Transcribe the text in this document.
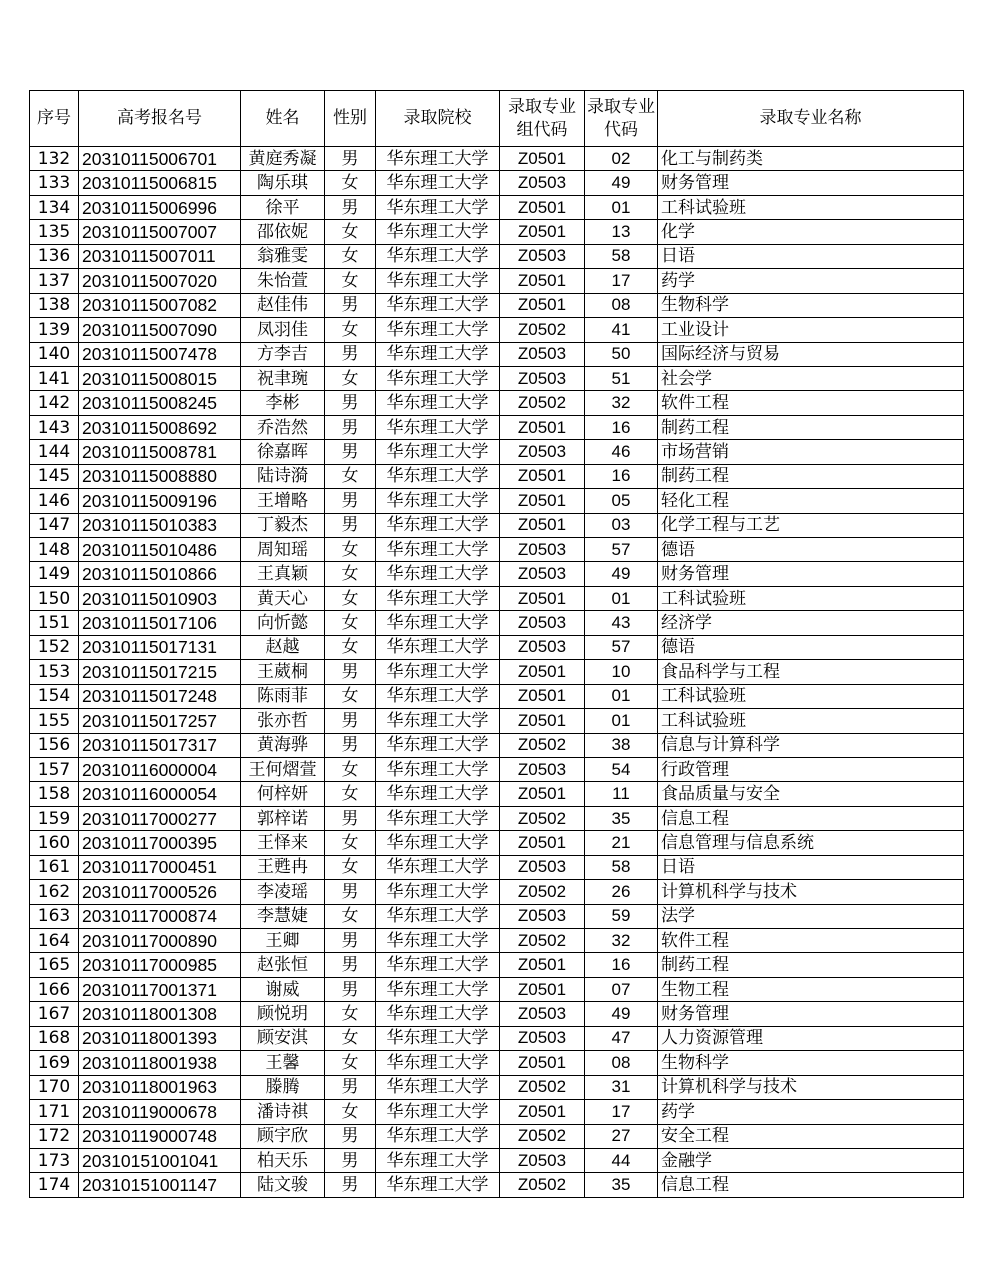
序号	高考报名号	姓名	性别	录取院校	录取专业组代码	录取专业代码	录取专业名称
132	20310115006701	黄庭秀凝	男	华东理工大学	Z0501	02	化工与制药类
133	20310115006815	陶乐琪	女	华东理工大学	Z0503	49	财务管理
134	20310115006996	徐平	男	华东理工大学	Z0501	01	工科试验班
135	20310115007007	邵依妮	女	华东理工大学	Z0501	13	化学
136	20310115007011	翁雅雯	女	华东理工大学	Z0503	58	日语
137	20310115007020	朱怡萱	女	华东理工大学	Z0501	17	药学
138	20310115007082	赵佳伟	男	华东理工大学	Z0501	08	生物科学
139	20310115007090	凤羽佳	女	华东理工大学	Z0502	41	工业设计
140	20310115007478	方李吉	男	华东理工大学	Z0503	50	国际经济与贸易
141	20310115008015	祝聿琬	女	华东理工大学	Z0503	51	社会学
142	20310115008245	李彬	男	华东理工大学	Z0502	32	软件工程
143	20310115008692	乔浩然	男	华东理工大学	Z0501	16	制药工程
144	20310115008781	徐嘉晖	男	华东理工大学	Z0503	46	市场营销
145	20310115008880	陆诗漪	女	华东理工大学	Z0501	16	制药工程
146	20310115009196	王增略	男	华东理工大学	Z0501	05	轻化工程
147	20310115010383	丁毅杰	男	华东理工大学	Z0501	03	化学工程与工艺
148	20310115010486	周知瑶	女	华东理工大学	Z0503	57	德语
149	20310115010866	王真颖	女	华东理工大学	Z0503	49	财务管理
150	20310115010903	黄天心	女	华东理工大学	Z0501	01	工科试验班
151	20310115017106	向忻懿	女	华东理工大学	Z0503	43	经济学
152	20310115017131	赵越	女	华东理工大学	Z0503	57	德语
153	20310115017215	王葳桐	男	华东理工大学	Z0501	10	食品科学与工程
154	20310115017248	陈雨菲	女	华东理工大学	Z0501	01	工科试验班
155	20310115017257	张亦哲	男	华东理工大学	Z0501	01	工科试验班
156	20310115017317	黄海骅	男	华东理工大学	Z0502	38	信息与计算科学
157	20310116000004	王何熠萱	女	华东理工大学	Z0503	54	行政管理
158	20310116000054	何梓妍	女	华东理工大学	Z0501	11	食品质量与安全
159	20310117000277	郭梓诺	男	华东理工大学	Z0502	35	信息工程
160	20310117000395	王怿来	女	华东理工大学	Z0501	21	信息管理与信息系统
161	20310117000451	王甦冉	女	华东理工大学	Z0503	58	日语
162	20310117000526	李凌瑶	男	华东理工大学	Z0502	26	计算机科学与技术
163	20310117000874	李慧婕	女	华东理工大学	Z0503	59	法学
164	20310117000890	王卿	男	华东理工大学	Z0502	32	软件工程
165	20310117000985	赵张恒	男	华东理工大学	Z0501	16	制药工程
166	20310117001371	谢威	男	华东理工大学	Z0501	07	生物工程
167	20310118001308	顾悦玥	女	华东理工大学	Z0503	49	财务管理
168	20310118001393	顾安淇	女	华东理工大学	Z0503	47	人力资源管理
169	20310118001938	王馨	女	华东理工大学	Z0501	08	生物科学
170	20310118001963	滕腾	男	华东理工大学	Z0502	31	计算机科学与技术
171	20310119000678	潘诗祺	女	华东理工大学	Z0501	17	药学
172	20310119000748	顾宇欣	男	华东理工大学	Z0502	27	安全工程
173	20310151001041	柏天乐	男	华东理工大学	Z0503	44	金融学
174	20310151001147	陆文骏	男	华东理工大学	Z0502	35	信息工程
